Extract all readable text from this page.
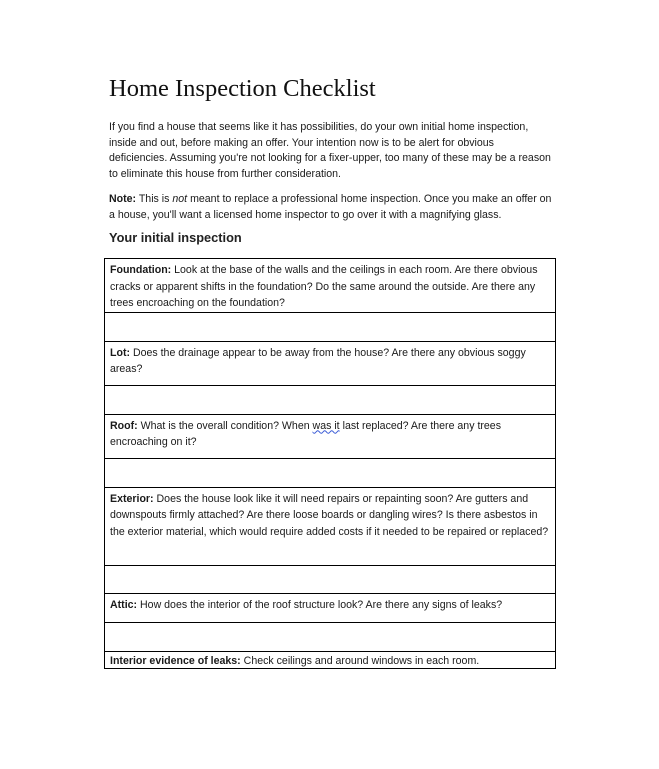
Home Inspection Checklist

If you find a house that seems like it has possibilities, do your own initial home inspection, inside and out, before making an offer. Your intention now is to be alert for obvious deficiencies. Assuming you're not looking for a fixer-upper, too many of these may be a reason to eliminate this house from further consideration.

Note: This is not meant to replace a professional home inspection. Once you make an offer on a house, you'll want a licensed home inspector to go over it with a magnifying glass.

Your initial inspection
Foundation: Look at the base of the walls and the ceilings in each room. Are there obvious cracks or apparent shifts in the foundation? Do the same around the outside. Are there any trees encroaching on the foundation?

Lot: Does the drainage appear to be away from the house? Are there any obvious soggy areas?

Roof: What is the overall condition? When was it last replaced? Are there any trees encroaching on it?

Exterior: Does the house look like it will need repairs or repainting soon? Are gutters and downspouts firmly attached? Are there loose boards or dangling wires? Is there asbestos in the exterior material, which would require added costs if it needed to be repaired or replaced?

Attic: How does the interior of the roof structure look? Are there any signs of leaks?

Interior evidence of leaks: Check ceilings and around windows in each room.
